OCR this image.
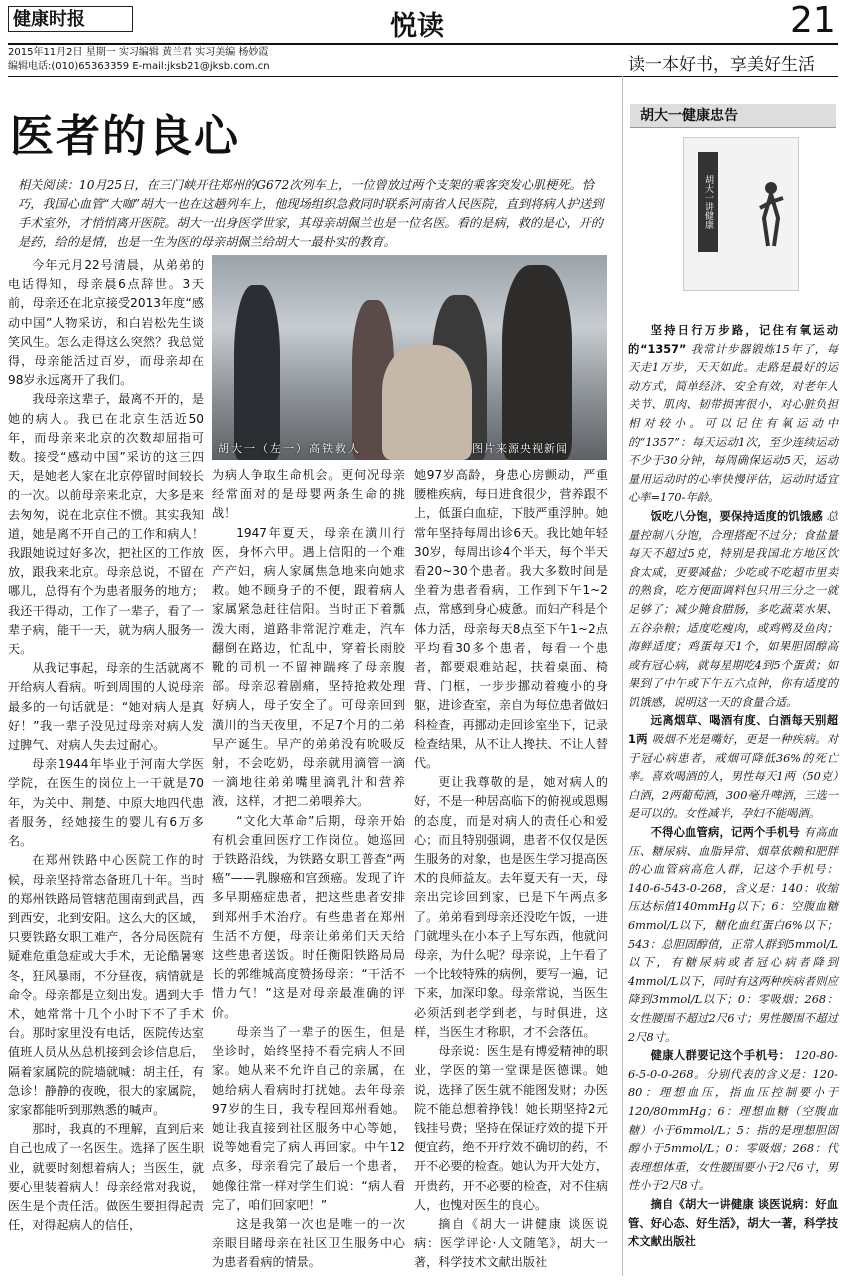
健康时报	悦读	21
2015年11月2日 星期一 实习编辑 黄兰君 实习美编 杨妙霞
编辑电话:(010)65363359 E-mail:jksb21@jksb.com.cn	读一本好书，享美好生活
医者的良心
相关阅读：10月25日，在三门峡开往郑州的G672次列车上，一位曾放过两个支架的乘客突发心肌梗死。恰巧，我国心血管“大咖”胡大一也在这趟列车上，他现场组织急救同时联系河南省人民医院，直到将病人护送到手术室外，才悄悄离开医院。胡大一出身医学世家，其母亲胡佩兰也是一位名医。看的是病，救的是心，开的是药，给的是情，也是一生为医的母亲胡佩兰给胡大一最朴实的教育。
胡大一（左一）高铁救人	图片来源央视新闻

今年元月22号清晨，从弟弟的电话得知，母亲晨6点辞世。3天前，母亲还在北京接受2013年度“感动中国”人物采访，和白岩松先生谈笑风生。怎么走得这么突然？我总觉得，母亲能活过百岁，而母亲却在98岁永远离开了我们。

我母亲这辈子，最离不开的，是她的病人。我已在北京生活近50年，而母亲来北京的次数却屈指可数。接受“感动中国”采访的这三四天，是她老人家在北京停留时间较长的一次。以前母亲来北京，大多是来去匆匆，说在北京住不惯。其实我知道，她是离不开自己的工作和病人！我跟她说过好多次，把社区的工作放放，跟我来北京。母亲总说，不留在哪儿，总得有个为患者服务的地方；我还干得动，工作了一辈子，看了一辈子病，能干一天，就为病人服务一天。

从我记事起，母亲的生活就离不开给病人看病。听到周围的人说母亲最多的一句话就是：“她对病人是真好！”我一辈子没见过母亲对病人发过脾气、对病人失去过耐心。

母亲1944年毕业于河南大学医学院，在医生的岗位上一干就是70年，为关中、荆楚、中原大地四代患者服务，经她接生的婴儿有6万多名。

在郑州铁路中心医院工作的时候，母亲坚持常态备班几十年。当时的郑州铁路局管辖范围南到武昌，西到西安，北到安阳。这么大的区域，只要铁路女职工难产，各分局医院有疑难危重急症或大手术，无论酷暑寒冬，狂风暴雨，不分昼夜，病情就是命令。母亲都是立刻出发。遇到大手术，她常常十几个小时下不了手术台。那时家里没有电话，医院传达室值班人员从丛总机接到会诊信息后，隔着家属院的院墙就喊：胡主任，有急诊！静静的夜晚，很大的家属院，家家都能听到那熟悉的喊声。

那时，我真的不理解，直到后来自己也成了一名医生。选择了医生职业，就要时刻想着病人；当医生，就要心里装着病人！母亲经常对我说，医生是个责任活。做医生要担得起责任，对得起病人的信任，

为病人争取生命机会。更何况母亲经常面对的是母婴两条生命的挑战！

1947年夏天，母亲在潢川行医，身怀六甲。遇上信阳的一个难产产妇，病人家属焦急地来向她求救。她不顾身子的不便，跟着病人家属紧急赶往信阳。当时正下着瓢泼大雨，道路非常泥泞难走，汽车翻倒在路边，忙乱中，穿着长雨胶靴的司机一不留神踹疼了母亲腹部。母亲忍着剧痛，坚持抢救处理好病人，母子安全了。可母亲回到潢川的当天夜里，不足7个月的二弟早产诞生。早产的弟弟没有吮吸反射，不会吃奶，母亲就用滴管一滴一滴地往弟弟嘴里滴乳汁和营养液，这样，才把二弟喂养大。

“文化大革命”后期，母亲开始有机会重回医疗工作岗位。她巡回于铁路沿线，为铁路女职工普查“两癌”——乳腺癌和宫颈癌。发现了许多早期癌症患者，把这些患者安排到郑州手术治疗。有些患者在郑州生活不方便，母亲让弟弟们天天给这些患者送饭。时任衡阳铁路局局长的郭维城高度赞扬母亲：“干活不惜力气！”这是对母亲最准确的评价。

母亲当了一辈子的医生，但是坐诊时，始终坚持不看完病人不回家。她从来不允许自己的亲属，在她给病人看病时打扰她。去年母亲97岁的生日，我专程回郑州看她。她让我直接到社区服务中心等她，说等她看完了病人再回家。中午12点多，母亲看完了最后一个患者，她像往常一样对学生们说：“病人看完了，咱们回家吧！”

这是我第一次也是唯一的一次亲眼目睹母亲在社区卫生服务中心为患者看病的情景。

她97岁高龄，身患心房颤动，严重腰椎疾病，每日进食很少，营养跟不上，低蛋白血症，下肢严重浮肿。她常年坚持每周出诊6天。我比她年轻30岁，每周出诊4个半天，每个半天看20~30个患者。我大多数时间是坐着为患者看病，工作到下午1~2点，常感到身心疲惫。而妇产科是个体力活，母亲每天8点至下午1~2点平均看30多个患者，每看一个患者，都要艰难站起，扶着桌面、椅背、门框，一步步挪动着瘦小的身躯，进诊查室，亲自为每位患者做妇科检查，再挪动走回诊室坐下，记录检查结果，从不让人搀扶、不让人替代。

更让我尊敬的是，她对病人的好，不是一种居高临下的俯视或恩赐的态度，而是对病人的责任心和爱心；而且特别强调，患者不仅仅是医生服务的对象，也是医生学习提高医术的良师益友。去年夏天有一天，母亲出完诊回到家，已是下午两点多了。弟弟看到母亲还没吃午饭，一进门就埋头在小本子上写东西，他就问母亲，为什么呢？母亲说，上午看了一个比较特殊的病例，要写一遍，记下来，加深印象。母亲常说，当医生必须活到老学到老，与时俱进，这样，当医生才称职，才不会落伍。

母亲说：医生是有博爱精神的职业，学医的第一堂课是医德课。她说，选择了医生就不能图发财；办医院不能总想着挣钱！她长期坚持2元钱挂号费；坚持在保证疗效的提下开便宜药，绝不开疗效不确切的药，不开不必要的检查。她认为开大处方，开贵药，开不必要的检查，对不住病人，也愧对医生的良心。

摘自《胡大一讲健康 谈医说病：医学评论·人文随笔》，胡大一著，科学技术文献出版社

胡大一健康忠告
胡大一讲健康

坚持日行万步路，记住有氧运动的“1357” 我常计步器锻炼15年了，每天走1万步，天天如此。走路是最好的运动方式，简单经济、安全有效，对老年人关节、肌肉、韧带损害很小，对心脏负担相对较小。可以记住有氧运动中的“1357”：每天运动1次，至少连续运动不少于30分钟，每周确保运动5天，运动量用运动时的心率快慢评估，运动时适宜心率=170-年龄。

饭吃八分饱，要保持适度的饥饿感 总量控制八分饱，合理搭配不过分；食盐量每天不超过5克，特别是我国北方地区饮食太咸，更要减盐；少吃或不吃超市里卖的熟食，吃方便面调料包只用三分之一就足够了；减少腌食腊肠，多吃蔬菜水果、五谷杂粮；适度吃瘦肉，或鸡鸭及鱼肉；海鲜适度；鸡蛋每天1个，如果胆固醇高或有冠心病，就每星期吃4到5个蛋黄；如果到了中午或下午五六点钟，你有适度的饥饿感，说明这一天的食量合适。

远离烟草、喝酒有度、白酒每天别超1两 吸烟不光是嘴好，更是一种疾病。对于冠心病患者，戒烟可降低36%的死亡率。喜欢喝酒的人，男性每天1两（50克）白酒，2两葡萄酒，300毫升啤酒，三选一是可以的。女性减半，孕妇不能喝酒。

不得心血管病，记两个手机号 有高血压、糖尿病、血脂异常、烟草依赖和肥胖的心血管病高危人群，记这个手机号：140-6-543-0-268，含义是：140：收缩压达标值140mmHg以下；6：空腹血糖6mmol/L以下，糖化血红蛋白6%以下；543：总胆固醇值，正常人群到5mmol/L以下，有糖尿病或者冠心病者降到4mmol/L以下，同时有这两种疾病者则应降到3mmol/L以下；0：零吸烟；268：女性腰围不超过2尺6寸；男性腰围不超过2尺8寸。

健康人群要记这个手机号： 120-80-6-5-0-0-268。分别代表的含义是：120-80：理想血压，指血压控制要小于120/80mmHg；6：理想血糖（空腹血糖）小于6mmol/L；5：指的是理想胆固醇小于5mmol/L；0：零吸烟；268：代表理想体重，女性腰围要小于2尺6寸，男性小于2尺8寸。

摘自《胡大一讲健康 谈医说病：好血管、好心态、好生活》，胡大一著，科学技术文献出版社
